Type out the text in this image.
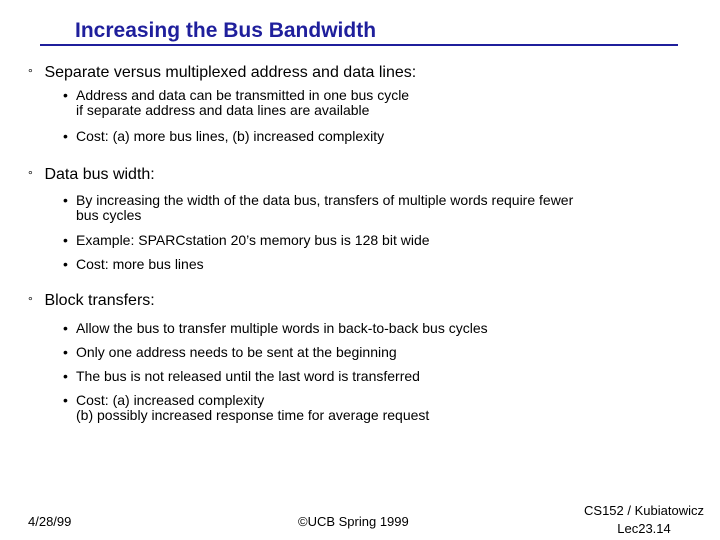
Increasing the Bus Bandwidth
° Separate versus multiplexed address and data lines:
• Address and data can be transmitted in one bus cycle
if separate address and data lines are available
• Cost: (a) more bus lines, (b) increased complexity
° Data bus width:
• By increasing the width of the data bus, transfers of multiple words require fewer
bus cycles
• Example: SPARCstation 20’s memory bus is 128 bit wide
• Cost: more bus lines
° Block transfers:
• Allow the bus to transfer multiple words in back-to-back bus cycles
• Only one address needs to be sent at the beginning
• The bus is not released until the last word is transferred
• Cost: (a) increased complexity
(b) possibly increased response time for average request
4/28/99	©UCB Spring 1999
CS152 / Kubiatowicz
Lec23.14
